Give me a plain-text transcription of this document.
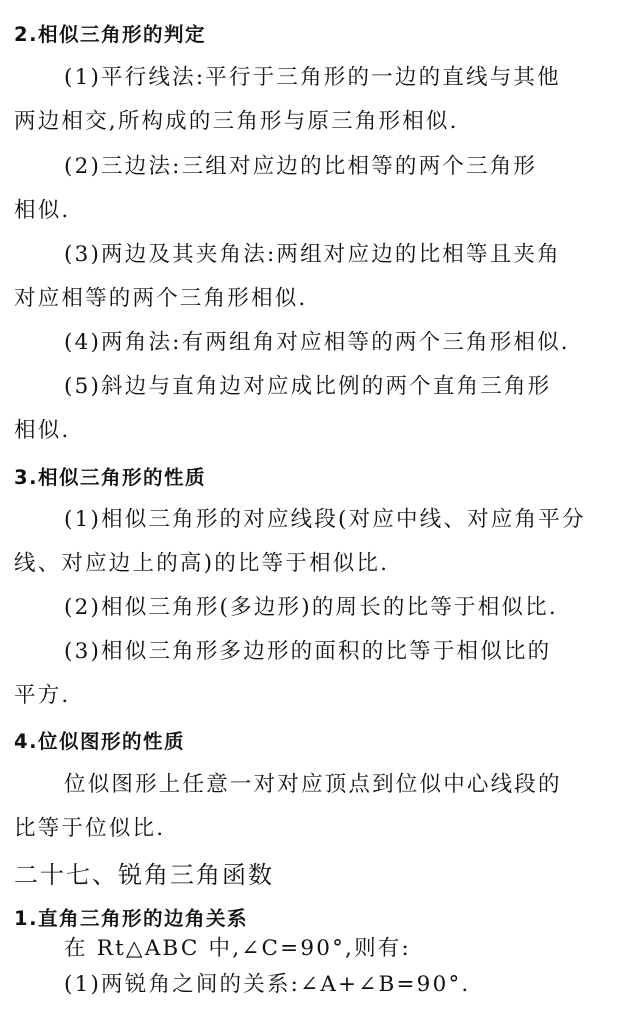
2.相似三角形的判定
(1)平行线法:平行于三角形的一边的直线与其他
两边相交,所构成的三角形与原三角形相似.
(2)三边法:三组对应边的比相等的两个三角形
相似.
(3)两边及其夹角法:两组对应边的比相等且夹角
对应相等的两个三角形相似.
(4)两角法:有两组角对应相等的两个三角形相似.
(5)斜边与直角边对应成比例的两个直角三角形
相似.
3.相似三角形的性质
(1)相似三角形的对应线段(对应中线、对应角平分
线、对应边上的高)的比等于相似比.
(2)相似三角形(多边形)的周长的比等于相似比.
(3)相似三角形多边形的面积的比等于相似比的
平方.
4.位似图形的性质
位似图形上任意一对对应顶点到位似中心线段的
比等于位似比.
二十七、锐角三角函数
1.直角三角形的边角关系
在 Rt△ABC 中,∠C=90°,则有:
(1)两锐角之间的关系:∠A+∠B=90°.
